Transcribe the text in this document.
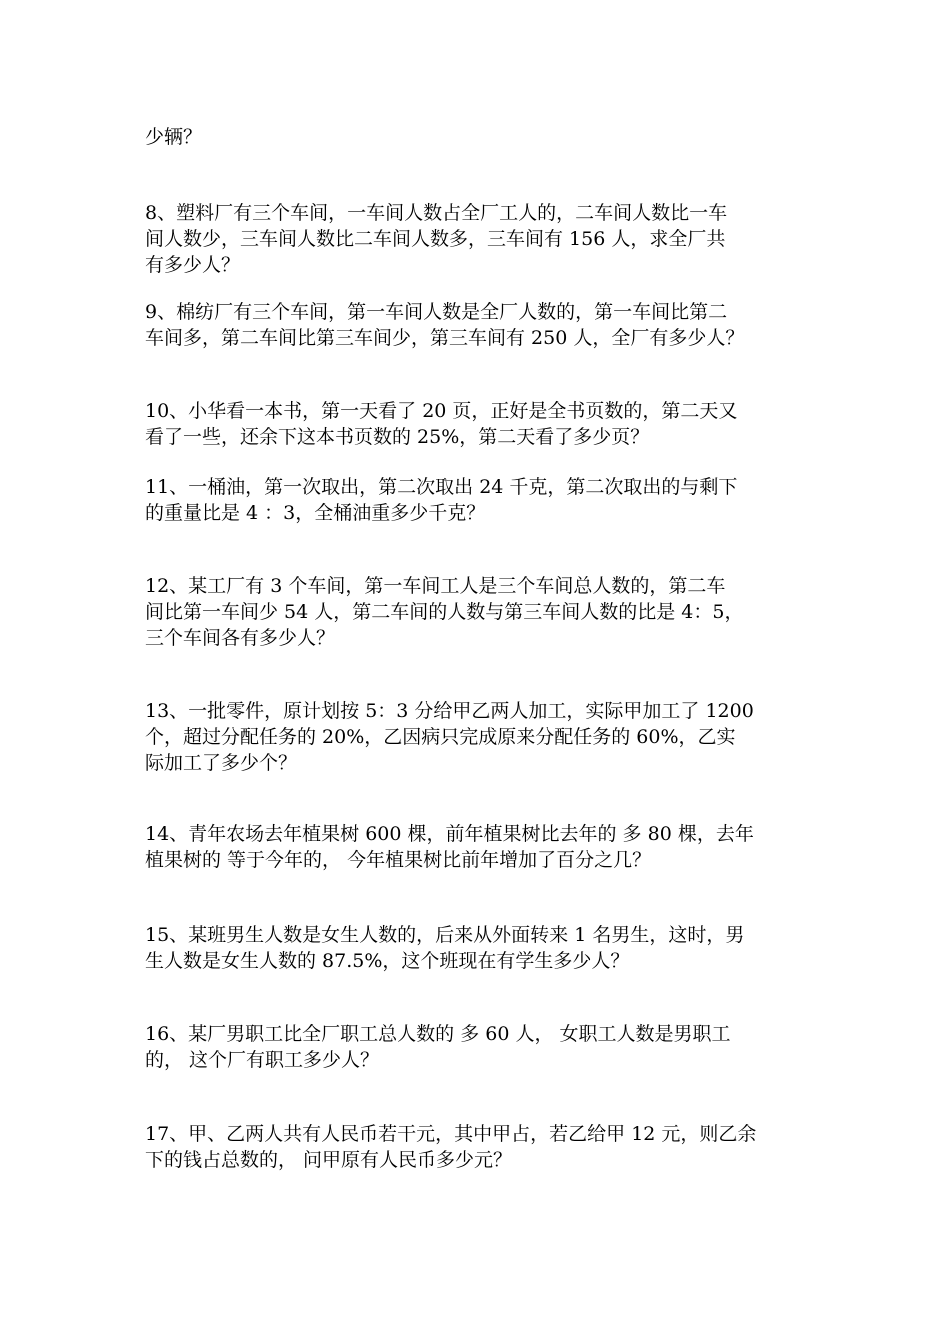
少辆？

8、塑料厂有三个车间，一车间人数占全厂工人的，二车间人数比一车
间人数少，三车间人数比二车间人数多，三车间有 156 人，求全厂共
有多少人？

9、棉纺厂有三个车间，第一车间人数是全厂人数的，第一车间比第二
车间多，第二车间比第三车间少，第三车间有 250 人，全厂有多少人？

10、小华看一本书，第一天看了 20 页，正好是全书页数的，第二天又
看了一些，还余下这本书页数的 25%，第二天看了多少页？

11、一桶油，第一次取出，第二次取出 24 千克，第二次取出的与剩下
的重量比是 4 ：3，全桶油重多少千克？

12、某工厂有 3 个车间，第一车间工人是三个车间总人数的，第二车
间比第一车间少 54 人，第二车间的人数与第三车间人数的比是 4：5，
三个车间各有多少人？

13、一批零件，原计划按 5：3 分给甲乙两人加工，实际甲加工了 1200
个，超过分配任务的 20%，乙因病只完成原来分配任务的 60%，乙实
际加工了多少个？

14、青年农场去年植果树 600 棵，前年植果树比去年的 多 80 棵，去年
植果树的 等于今年的， 今年植果树比前年增加了百分之几？

15、某班男生人数是女生人数的，后来从外面转来 1 名男生，这时，男
生人数是女生人数的 87.5%，这个班现在有学生多少人？

16、某厂男职工比全厂职工总人数的 多 60 人， 女职工人数是男职工
的， 这个厂有职工多少人？

17、甲、乙两人共有人民币若干元，其中甲占，若乙给甲 12 元，则乙余
下的钱占总数的， 问甲原有人民币多少元？
